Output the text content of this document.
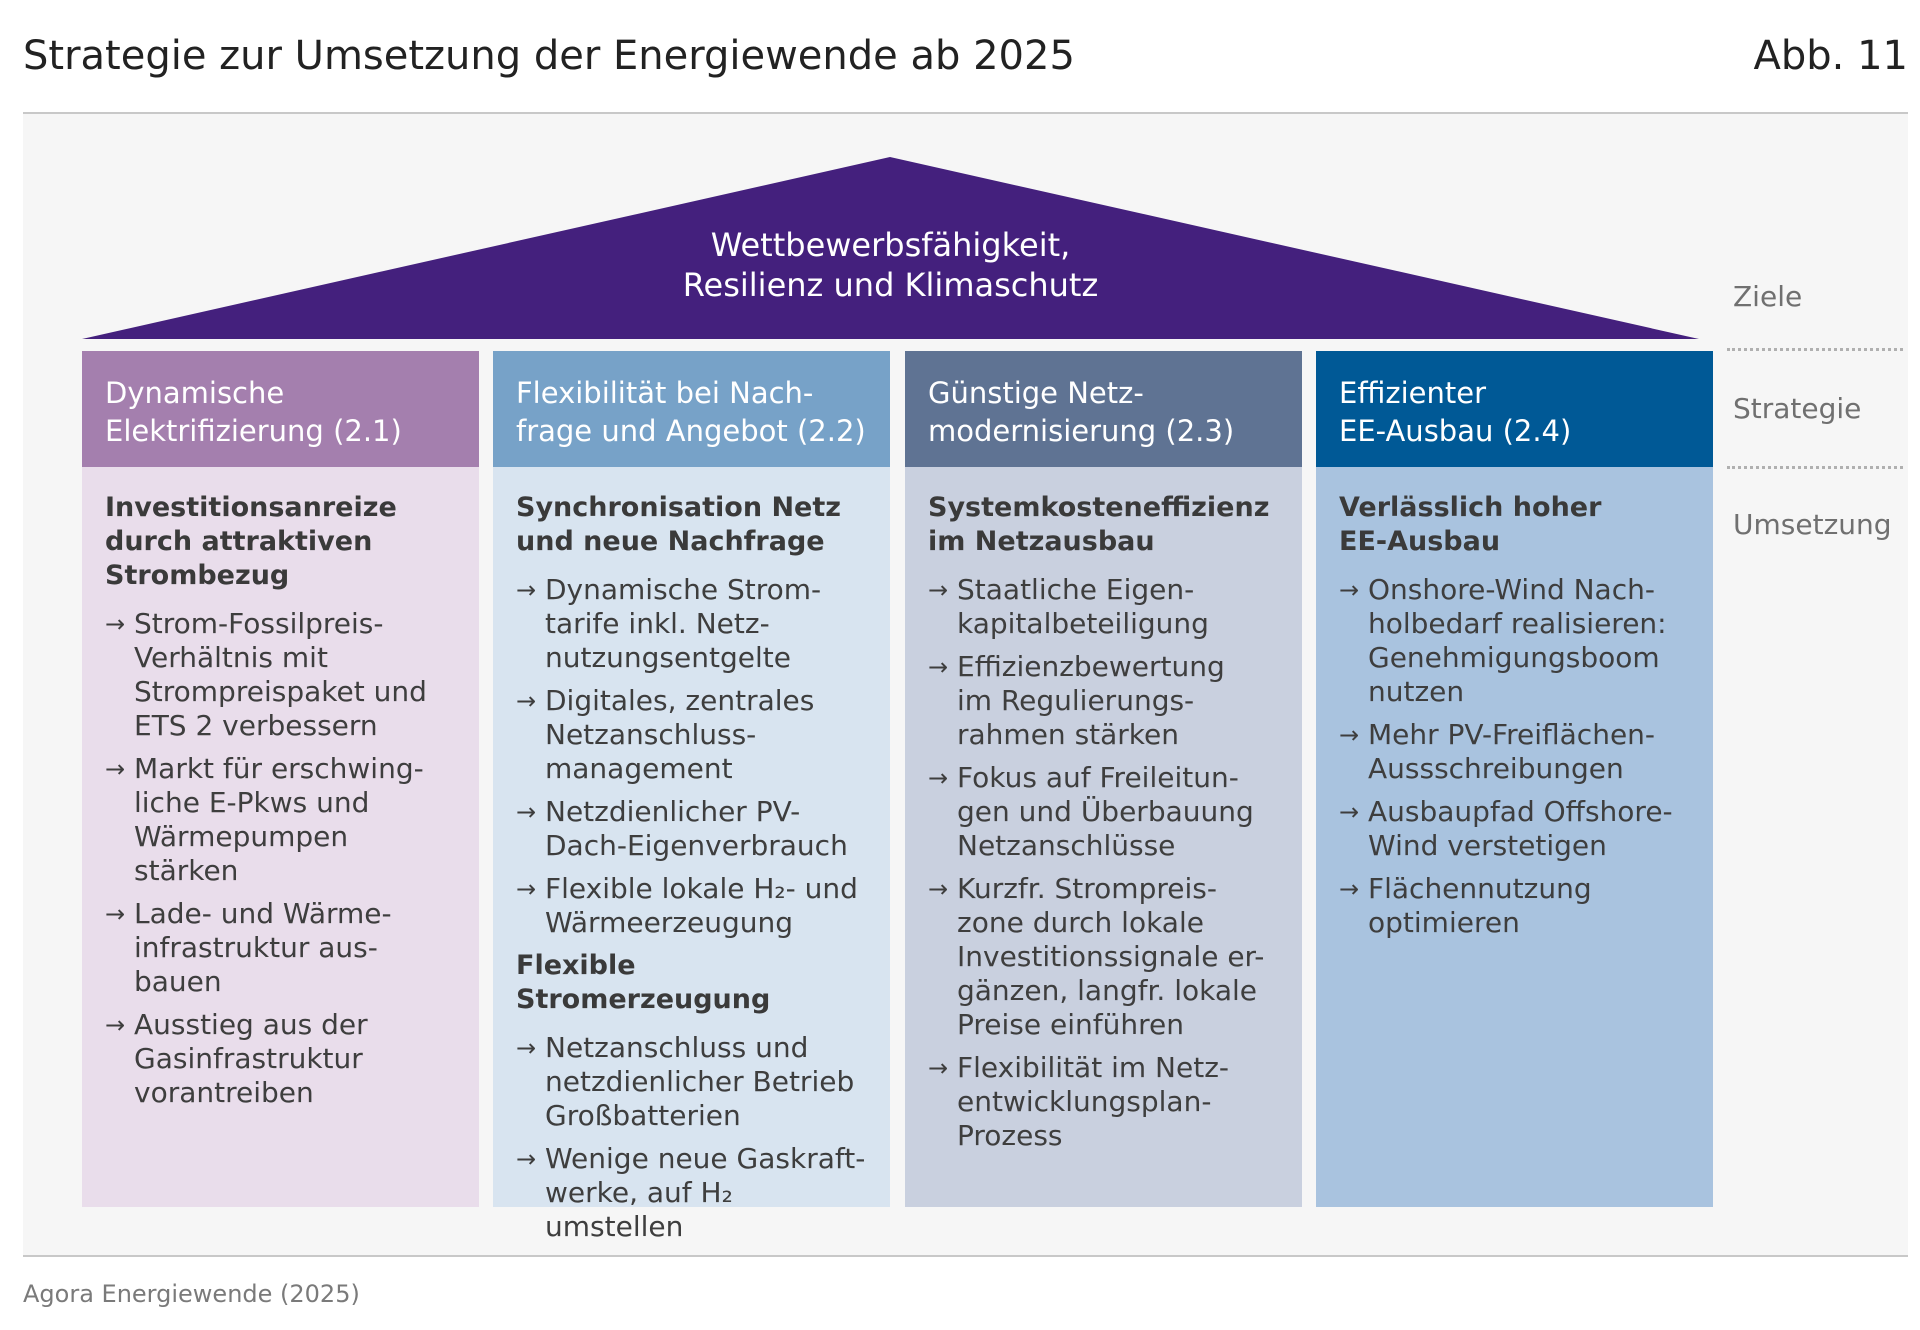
Strategie zur Umsetzung der Energiewende ab 2025	Abb. 11
Wettbewerbsfähigkeit,
Resilienz und Klimaschutz	Ziele
Strategie
Umsetzung
Dynamische
Elektrifizierung (2.1)
Investitionsanreize
durch attraktiven
Strombezug
→ Strom-Fossilpreis-
Verhältnis mit
Strompreispaket und
ETS 2 verbessern
→ Markt für erschwing-
liche E-Pkws und
Wärmepumpen
stärken
→ Lade- und Wärme-
infrastruktur aus-
bauen
→ Ausstieg aus der
Gasinfrastruktur
vorantreiben
Flexibilität bei Nach-
frage und Angebot (2.2)
Synchronisation Netz
und neue Nachfrage
→ Dynamische Strom-
tarife inkl. Netz-
nutzungsentgelte
→ Digitales, zentrales
Netzanschluss-
management
→ Netzdienlicher PV-
Dach-Eigenverbrauch
→ Flexible lokale H₂- und
Wärmeerzeugung
Flexible Stromerzeugung
→ Netzanschluss und
netzdienlicher Betrieb
Großbatterien
→ Wenige neue Gaskraft-
werke, auf H₂ umstellen
Günstige Netz-
modernisierung (2.3)
Systemkosteneffizienz
im Netzausbau
→ Staatliche Eigen-
kapitalbeteiligung
→ Effizienzbewertung
im Regulierungs-
rahmen stärken
→ Fokus auf Freileitun-
gen und Überbauung
Netzanschlüsse
→ Kurzfr. Strompreis-
zone durch lokale
Investitionssignale er-
gänzen, langfr. lokale
Preise einführen
→ Flexibilität im Netz-
entwicklungsplan-
Prozess
Effizienter
EE-Ausbau (2.4)
Verlässlich hoher
EE-Ausbau
→ Onshore-Wind Nach-
holbedarf realisieren:
Genehmigungsboom
nutzen
→ Mehr PV-Freiflächen-
Aussschreibungen
→ Ausbaupfad Offshore-
Wind verstetigen
→ Flächennutzung
optimieren
Agora Energiewende (2025)
